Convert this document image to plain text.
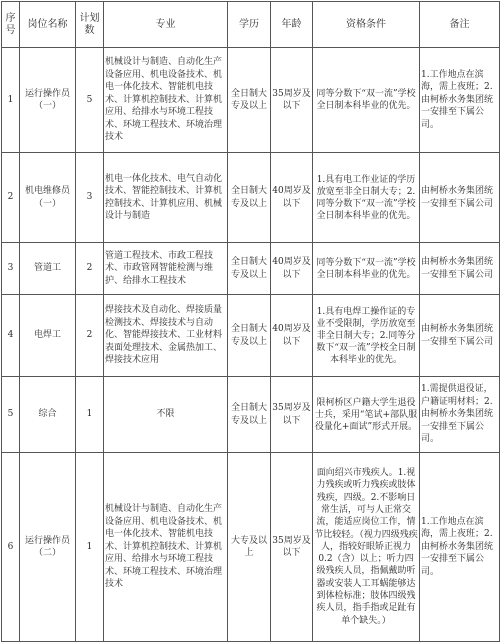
序号	岗位名称	计划数	专业	学历	年龄	资格条件	备注
1	运行操作员（一）	5	机械设计与制造、自动化生产设备应用、机电设备技术、机电一体化技术、智能机电技术、计算机控制技术、计算机应用、给排水与环境工程技术、环境工程技术、环境治理技术	全日制大专及以上	35周岁及以下	同等分数下“双一流”学校全日制本科毕业的优先。	1.工作地点在滨海，需上夜班；2.由柯桥水务集团统一安排至下属公司。
2	机电维修员（一）	3	机电一体化技术、电气自动化技术、智能控制技术、计算机控制技术、计算机应用、机械设计与制造	全日制大专及以上	40周岁及以下	1.具有电工作业证的学历放宽至非全日制大专；2.同等分数下“双一流”学校全日制本科毕业的优先。	由柯桥水务集团统一安排至下属公司
3	管道工	2	管道工程技术、市政工程技术、市政管网智能检测与维护、给排水工程技术	全日制大专及以上	40周岁及以下	同等分数下“双一流”学校全日制本科毕业的优先。	由柯桥水务集团统一安排至下属公司
4	电焊工	2	焊接技术及自动化、焊接质量检测技术、焊接技术与自动化、智能焊接技术、工业材料表面处理技术、金属热加工、焊接技术应用	全日制大专及以上	40周岁及以下	1.具有电焊工操作证的专业不受限制，学历放宽至非全日制大专；2.同等分数下“双一流”学校全日制本科毕业的优先。	由柯桥水务集团统一安排至下属公司
5	综合	1	不限	全日制大专及以上	35周岁及以下	限柯桥区户籍大学生退役士兵，采用“笔试+部队服役量化+面试”形式开展。	1.需提供退役证，户籍证明材料；2.由柯桥水务集团统一安排至下属公司。
6	运行操作员（二）	1	机械设计与制造、自动化生产设备应用、机电设备技术、机电一体化技术、智能机电技术、计算机控制技术、计算机应用、给排水与环境工程技术、环境工程技术、环境治理技术	大专及以上	35周岁及以下	面向绍兴市残疾人。1.视力残疾或听力残疾或肢体残疾，四级。2.不影响日常生活，可与人正常交流，能适应岗位工作，情节比较轻。（视力四级残疾人，指较好眼矫正视力0.2（含）以上；听力四级残疾人员，指佩戴助听器或安装人工耳蜗能够达到体检标准；肢体四级残疾人员，指手指或足趾有单个缺失。）	1.工作地点在滨海，需上夜班；2.由柯桥水务集团统一安排至下属公司。
